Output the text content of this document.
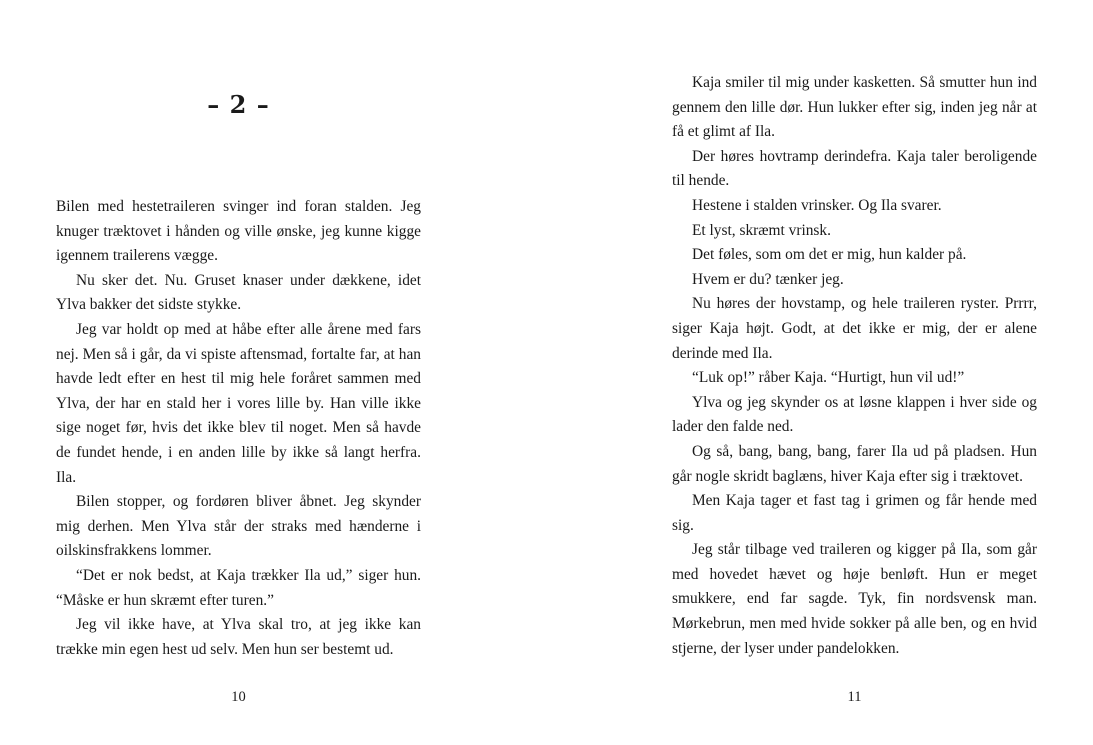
– 2 –

Bilen med hestetraileren svinger ind foran stalden. Jeg knuger træktovet i hånden og ville ønske, jeg kunne kigge igennem trailerens vægge.

Nu sker det. Nu. Gruset knaser under dækkene, idet Ylva bakker det sidste stykke.

Jeg var holdt op med at håbe efter alle årene med fars nej. Men så i går, da vi spiste aftensmad, fortalte far, at han havde ledt efter en hest til mig hele foråret sammen med Ylva, der har en stald her i vores lille by. Han ville ikke sige noget før, hvis det ikke blev til noget. Men så havde de fundet hende, i en anden lille by ikke så langt herfra. Ila.

Bilen stopper, og fordøren bliver åbnet. Jeg skynder mig derhen. Men Ylva står der straks med hænderne i oilskinsfrakkens lommer.

“Det er nok bedst, at Kaja trækker Ila ud,” siger hun. “Måske er hun skræmt efter turen.”

Jeg vil ikke have, at Ylva skal tro, at jeg ikke kan trække min egen hest ud selv. Men hun ser bestemt ud.

10

Kaja smiler til mig under kasketten. Så smutter hun ind gennem den lille dør. Hun lukker efter sig, inden jeg når at få et glimt af Ila.

Der høres hovtramp derindefra. Kaja taler beroligende til hende.

Hestene i stalden vrinsker. Og Ila svarer.

Et lyst, skræmt vrinsk.

Det føles, som om det er mig, hun kalder på.

Hvem er du? tænker jeg.

Nu høres der hovstamp, og hele traileren ryster. Prrrr, siger Kaja højt. Godt, at det ikke er mig, der er alene derinde med Ila.

“Luk op!” råber Kaja. “Hurtigt, hun vil ud!”

Ylva og jeg skynder os at løsne klappen i hver side og lader den falde ned.

Og så, bang, bang, bang, farer Ila ud på pladsen. Hun går nogle skridt baglæns, hiver Kaja efter sig i træktovet.

Men Kaja tager et fast tag i grimen og får hende med sig.

Jeg står tilbage ved traileren og kigger på Ila, som går med hovedet hævet og høje benløft. Hun er meget smukkere, end far sagde. Tyk, fin nordsvensk man. Mørkebrun, men med hvide sokker på alle ben, og en hvid stjerne, der lyser under pandelokken.

11
